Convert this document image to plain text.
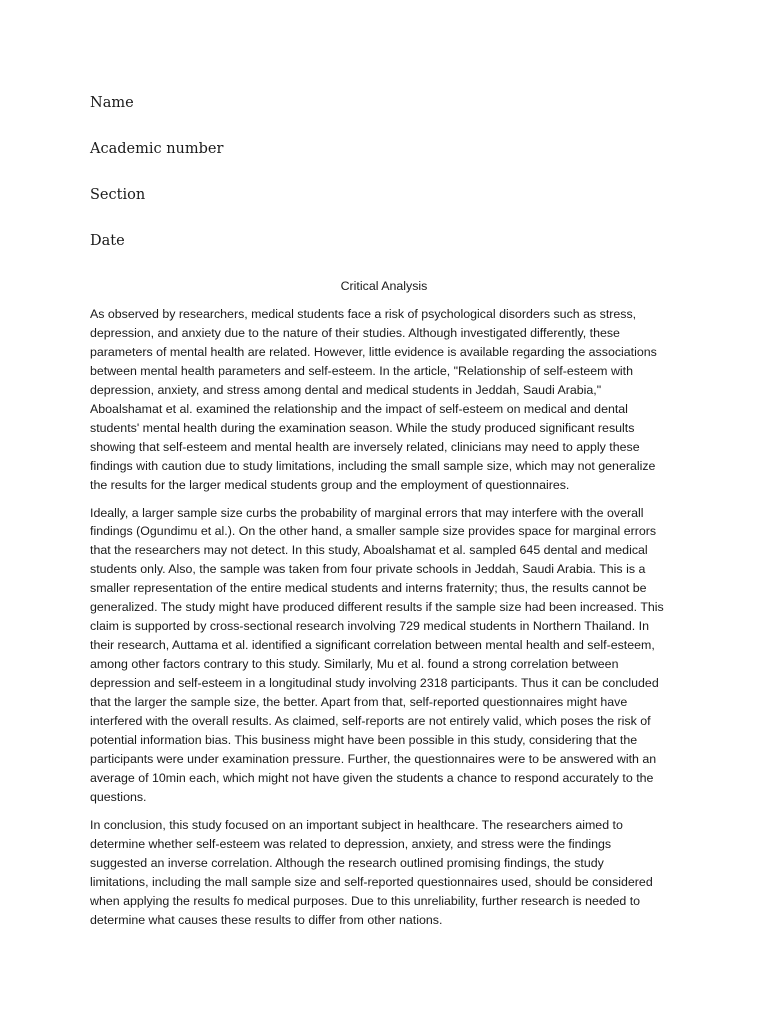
Name
Academic number
Section
Date
Critical Analysis

As observed by researchers, medical students face a risk of psychological disorders such as stress,
depression, and anxiety due to the nature of their studies. Although investigated differently, these
parameters of mental health are related. However, little evidence is available regarding the associations
between mental health parameters and self-esteem. In the article, "Relationship of self-esteem with
depression, anxiety, and stress among dental and medical students in Jeddah, Saudi Arabia,"
Aboalshamat et al. examined the relationship and the impact of self-esteem on medical and dental
students' mental health during the examination season. While the study produced significant results
showing that self-esteem and mental health are inversely related, clinicians may need to apply these
findings with caution due to study limitations, including the small sample size, which may not generalize
the results for the larger medical students group and the employment of questionnaires.

Ideally, a larger sample size curbs the probability of marginal errors that may interfere with the overall
findings (Ogundimu et al.). On the other hand, a smaller sample size provides space for marginal errors
that the researchers may not detect. In this study, Aboalshamat et al. sampled 645 dental and medical
students only. Also, the sample was taken from four private schools in Jeddah, Saudi Arabia. This is a
smaller representation of the entire medical students and interns fraternity; thus, the results cannot be
generalized. The study might have produced different results if the sample size had been increased. This
claim is supported by cross-sectional research involving 729 medical students in Northern Thailand. In
their research, Auttama et al. identified a significant correlation between mental health and self-esteem,
among other factors contrary to this study. Similarly, Mu et al. found a strong correlation between
depression and self-esteem in a longitudinal study involving 2318 participants. Thus it can be concluded
that the larger the sample size, the better. Apart from that, self-reported questionnaires might have
interfered with the overall results. As claimed, self-reports are not entirely valid, which poses the risk of
potential information bias. This business might have been possible in this study, considering that the
participants were under examination pressure. Further, the questionnaires were to be answered with an
average of 10min each, which might not have given the students a chance to respond accurately to the
questions.

In conclusion, this study focused on an important subject in healthcare. The researchers aimed to
determine whether self-esteem was related to depression, anxiety, and stress were the findings
suggested an inverse correlation. Although the research outlined promising findings, the study
limitations, including the mall sample size and self-reported questionnaires used, should be considered
when applying the results fo medical purposes. Due to this unreliability, further research is needed to
determine what causes these results to differ from other nations.
